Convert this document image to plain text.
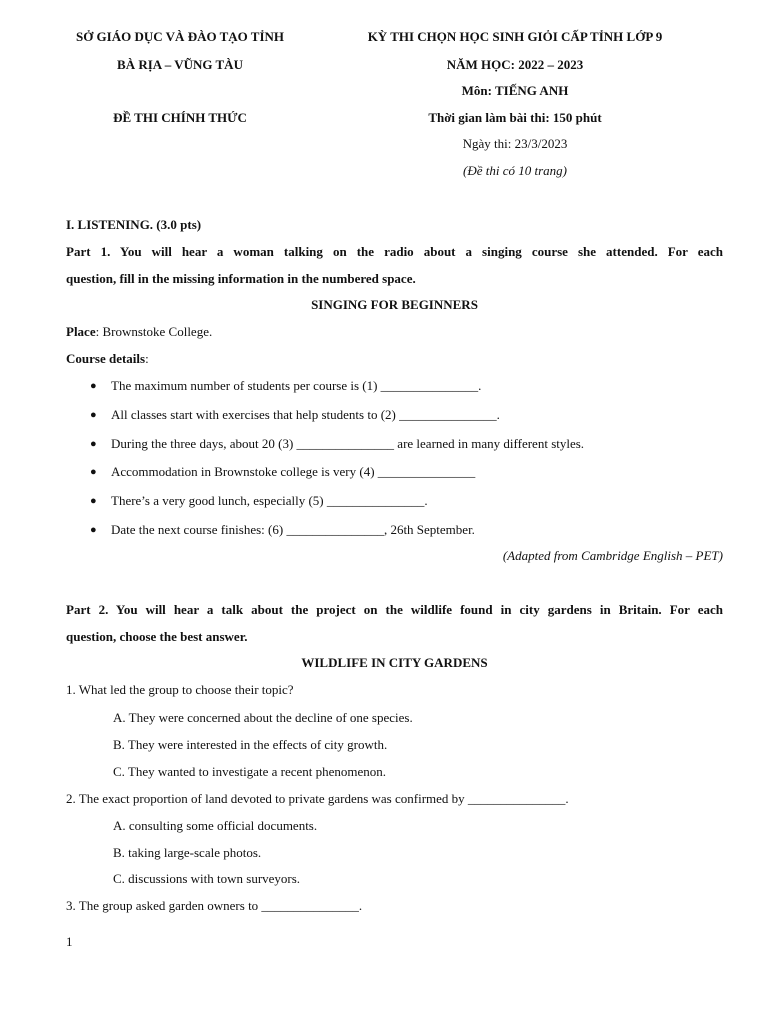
SỞ GIÁO DỤC VÀ ĐÀO TẠO TỈNH
BÀ RỊA – VŨNG TÀU
ĐỀ THI CHÍNH THỨC
KỲ THI CHỌN HỌC SINH GIỎI CẤP TỈNH LỚP 9
NĂM HỌC: 2022 – 2023
Môn: TIẾNG ANH
Thời gian làm bài thi: 150 phút
Ngày thi: 23/3/2023
(Đề thi có 10 trang)
I. LISTENING. (3.0 pts)
Part 1. You will hear a woman talking on the radio about a singing course she attended. For each
question, fill in the missing information in the numbered space.
SINGING FOR BEGINNERS
Place: Brownstoke College.
Course details:
● The maximum number of students per course is (1) _______________.
● All classes start with exercises that help students to (2) _______________.
● During the three days, about 20 (3) _______________ are learned in many different styles.
● Accommodation in Brownstoke college is very (4) _______________
● There’s a very good lunch, especially (5) _______________.
● Date the next course finishes: (6) _______________, 26th September.
(Adapted from Cambridge English – PET)
Part 2. You will hear a talk about the project on the wildlife found in city gardens in Britain. For each
question, choose the best answer.
WILDLIFE IN CITY GARDENS
1. What led the group to choose their topic?
A. They were concerned about the decline of one species.
B. They were interested in the effects of city growth.
C. They wanted to investigate a recent phenomenon.
2. The exact proportion of land devoted to private gardens was confirmed by _______________.
A. consulting some official documents.
B. taking large-scale photos.
C. discussions with town surveyors.
3. The group asked garden owners to _______________.
1
